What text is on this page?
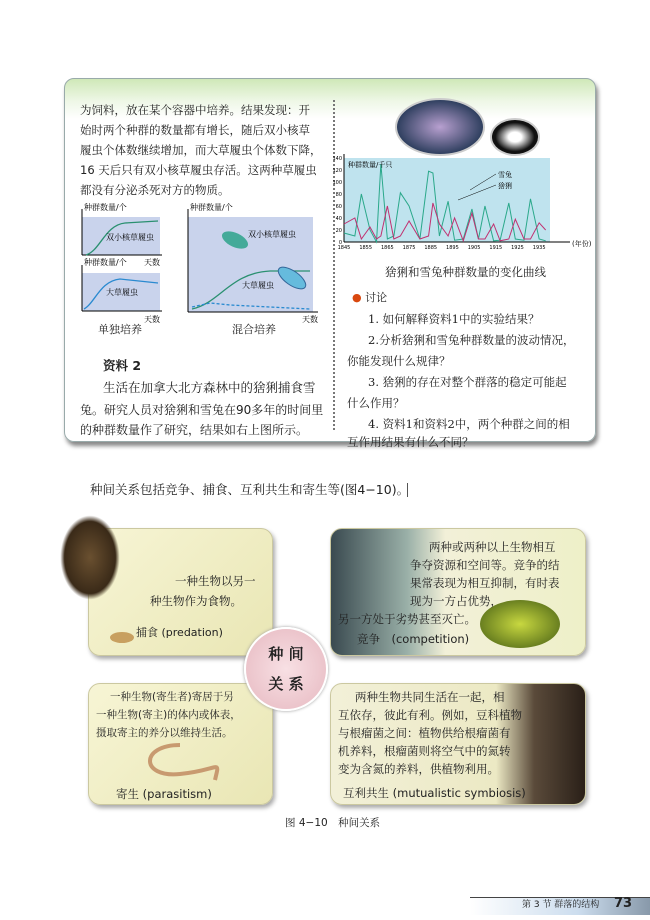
为饲料，放在某个容器中培养。结果发现：开
始时两个种群的数量都有增长，随后双小核草
履虫个体数继续增加，而大草履虫个体数下降，
16 天后只有双小核草履虫存活。这两种草履虫
都没有分泌杀死对方的物质。
种群数量/个
种群数量/个
种群数量/个
双小核草履虫
大草履虫
双小核草履虫
大草履虫
天数
天数	天数
单独培养	混合培养
资料 2
生活在加拿大北方森林中的猞猁捕食雪
兔。研究人员对猞猁和雪兔在90多年的时间里
的种群数量作了研究，结果如右上图所示。
0
20
40
60
80
100
120
140
1845 1855 1865 1875 1885 1895 1905 1915 1925 1935
种群数量/千只
(年份)
雪兔
猞猁
猞猁和雪兔种群数量的变化曲线
● 讨论
1. 如何解释资料1中的实验结果？
2.分析猞猁和雪兔种群数量的波动情况，
你能发现什么规律？
3. 猞猁的存在对整个群落的稳定可能起
什么作用？
4. 资料1和资料2中，两个种群之间的相
互作用结果有什么不同？
种间关系包括竞争、捕食、互利共生和寄生等(图4−10)。
一种生物以另一
种生物作为食物。
捕食 (predation)
两种或两种以上生物相互
争夺资源和空间等。竞争的结
果常表现为相互抑制，有时表
现为一方占优势，
另一方处于劣势甚至灭亡。
竞争　(competition)
一种生物(寄生者)寄居于另
一种生物(寄主)的体内或体表，
摄取寄主的养分以维持生活。
寄生 (parasitism)
两种生物共同生活在一起，相
互依存，彼此有利。例如，豆科植物
与根瘤菌之间：植物供给根瘤菌有
机养料，根瘤菌则将空气中的氮转
变为含氮的养料，供植物利用。
互利共生 (mutualistic symbiosis)
种 间
关 系
图 4−10　种间关系
第 3 节 群落的结构 73
